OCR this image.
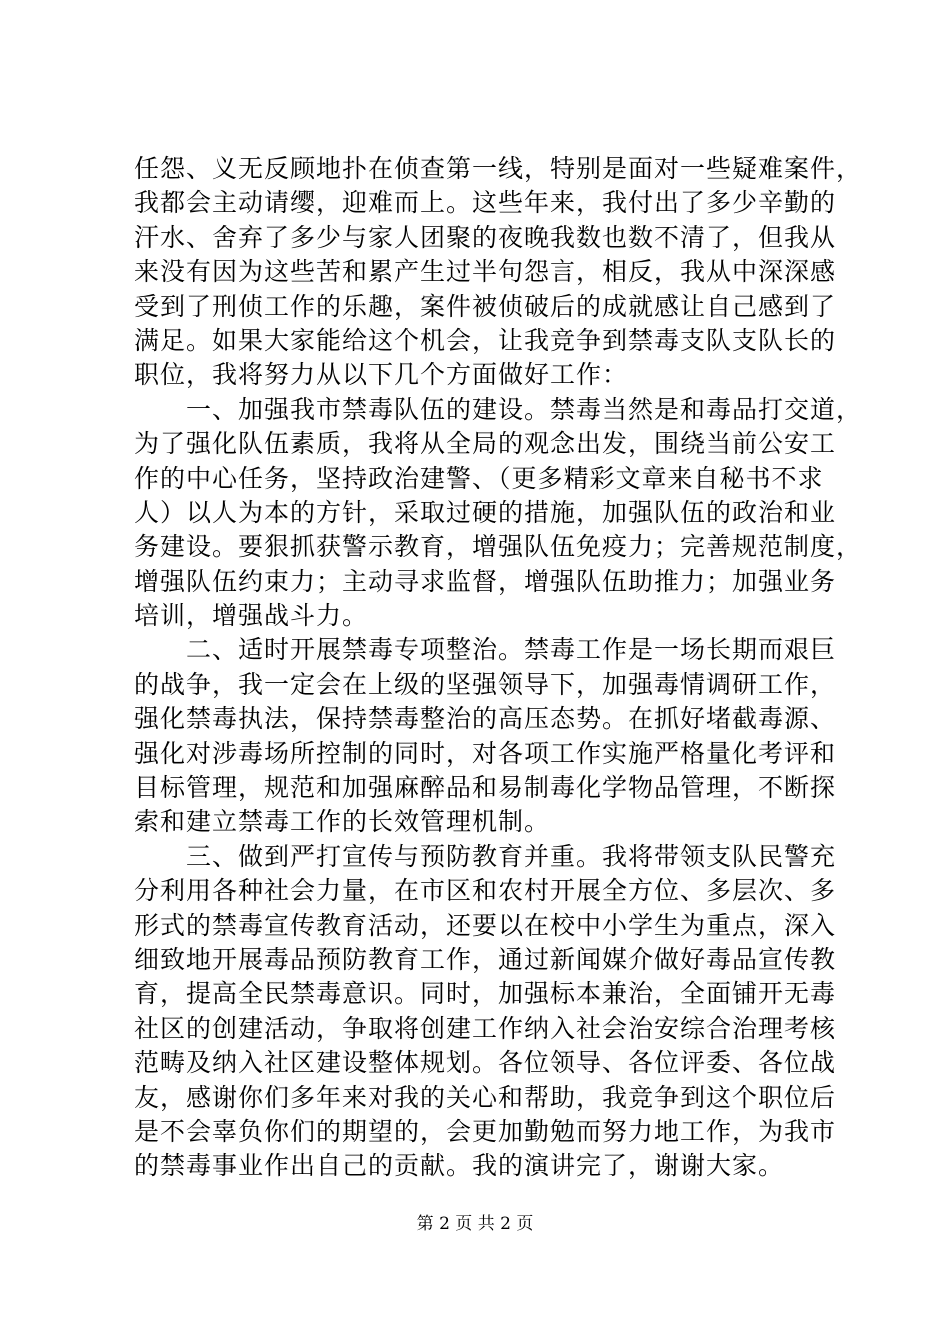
任怨、义无反顾地扑在侦查第一线，特别是面对一些疑难案件，
我都会主动请缨，迎难而上。这些年来，我付出了多少辛勤的
汗水、舍弃了多少与家人团聚的夜晚我数也数不清了，但我从
来没有因为这些苦和累产生过半句怨言，相反，我从中深深感
受到了刑侦工作的乐趣，案件被侦破后的成就感让自己感到了
满足。如果大家能给这个机会，让我竞争到禁毒支队支队长的
职位，我将努力从以下几个方面做好工作：
　　一、加强我市禁毒队伍的建设。禁毒当然是和毒品打交道，
为了强化队伍素质，我将从全局的观念出发，围绕当前公安工
作的中心任务，坚持政治建警、（更多精彩文章来自秘书不求
人）以人为本的方针，采取过硬的措施，加强队伍的政治和业
务建设。要狠抓获警示教育，增强队伍免疫力；完善规范制度，
增强队伍约束力；主动寻求监督，增强队伍助推力；加强业务
培训，增强战斗力。
　　二、适时开展禁毒专项整治。禁毒工作是一场长期而艰巨
的战争，我一定会在上级的坚强领导下，加强毒情调研工作，
强化禁毒执法，保持禁毒整治的高压态势。在抓好堵截毒源、
强化对涉毒场所控制的同时，对各项工作实施严格量化考评和
目标管理，规范和加强麻醉品和易制毒化学物品管理，不断探
索和建立禁毒工作的长效管理机制。
　　三、做到严打宣传与预防教育并重。我将带领支队民警充
分利用各种社会力量，在市区和农村开展全方位、多层次、多
形式的禁毒宣传教育活动，还要以在校中小学生为重点，深入
细致地开展毒品预防教育工作，通过新闻媒介做好毒品宣传教
育，提高全民禁毒意识。同时，加强标本兼治，全面铺开无毒
社区的创建活动，争取将创建工作纳入社会治安综合治理考核
范畴及纳入社区建设整体规划。各位领导、各位评委、各位战
友，感谢你们多年来对我的关心和帮助，我竞争到这个职位后
是不会辜负你们的期望的，会更加勤勉而努力地工作，为我市
的禁毒事业作出自己的贡献。我的演讲完了，谢谢大家。
第 2 页 共 2 页
